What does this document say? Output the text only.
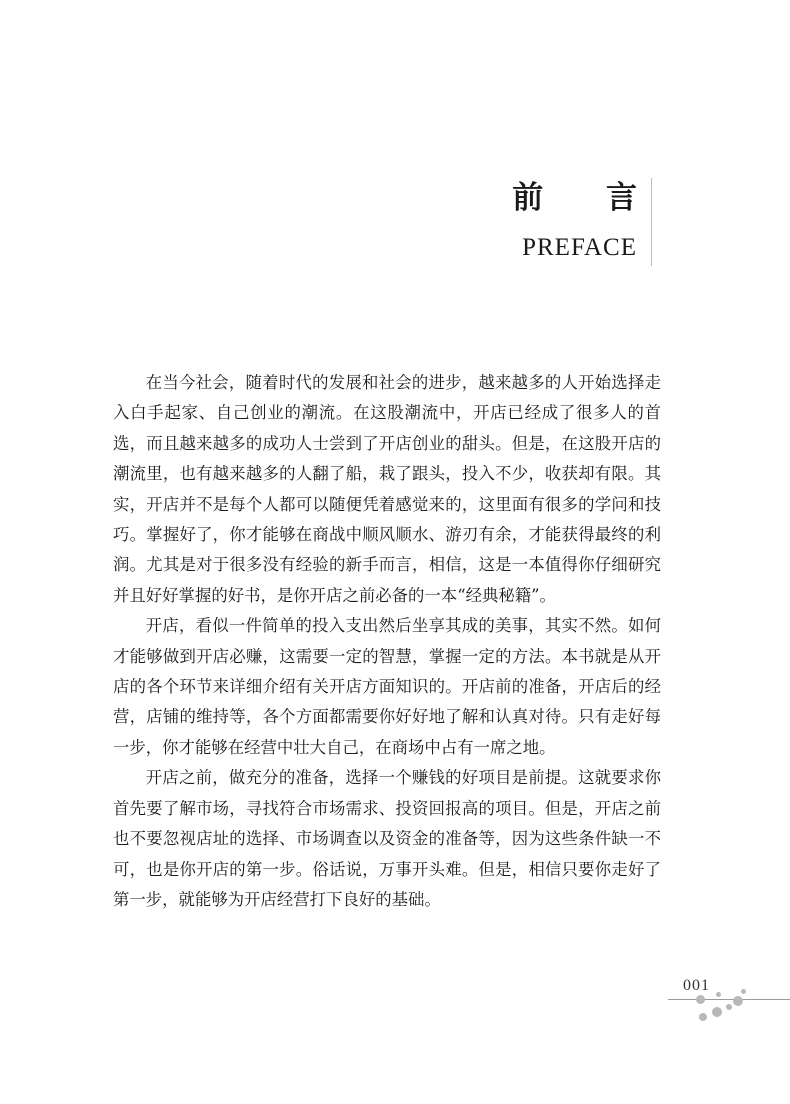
前 言
PREFACE

在当今社会，随着时代的发展和社会的进步，越来越多的人开始选择走入白手起家、自己创业的潮流。在这股潮流中，开店已经成了很多人的首选，而且越来越多的成功人士尝到了开店创业的甜头。但是，在这股开店的潮流里，也有越来越多的人翻了船，栽了跟头，投入不少，收获却有限。其实，开店并不是每个人都可以随便凭着感觉来的，这里面有很多的学问和技巧。掌握好了，你才能够在商战中顺风顺水、游刃有余，才能获得最终的利润。尤其是对于很多没有经验的新手而言，相信，这是一本值得你仔细研究并且好好掌握的好书，是你开店之前必备的一本“经典秘籍”。

开店，看似一件简单的投入支出然后坐享其成的美事，其实不然。如何才能够做到开店必赚，这需要一定的智慧，掌握一定的方法。本书就是从开店的各个环节来详细介绍有关开店方面知识的。开店前的准备，开店后的经营，店铺的维持等，各个方面都需要你好好地了解和认真对待。只有走好每一步，你才能够在经营中壮大自己，在商场中占有一席之地。

开店之前，做充分的准备，选择一个赚钱的好项目是前提。这就要求你首先要了解市场，寻找符合市场需求、投资回报高的项目。但是，开店之前也不要忽视店址的选择、市场调查以及资金的准备等，因为这些条件缺一不可，也是你开店的第一步。俗话说，万事开头难。但是，相信只要你走好了第一步，就能够为开店经营打下良好的基础。

001
